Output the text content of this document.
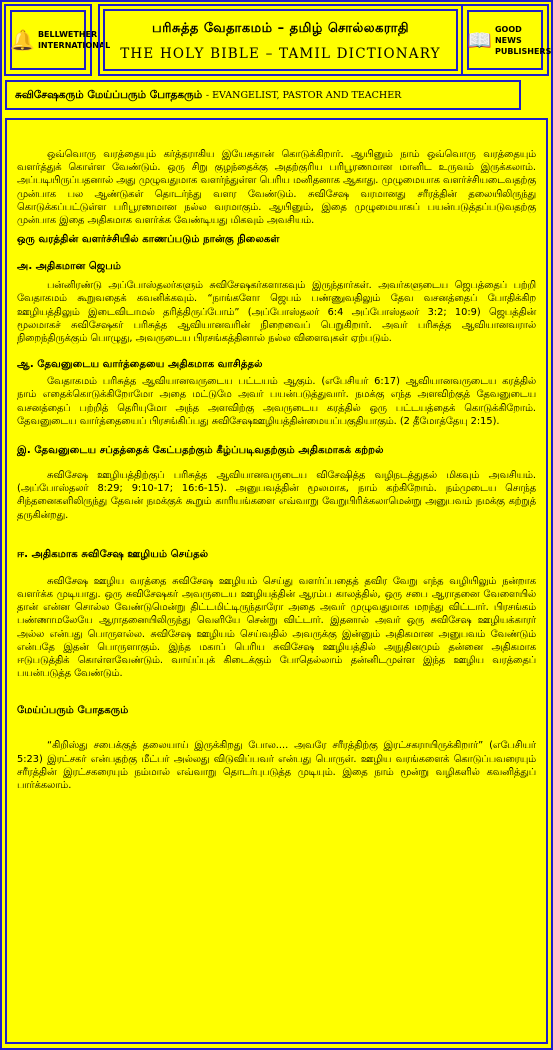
🔔 BELLWETHER INTERNATIONAL
பரிசுத்த வேதாகமம் – தமிழ் சொல்லகராதி
THE HOLY BIBLE – TAMIL DICTIONARY
📖 GOOD NEWS PUBLISHERS
சுவிசேஷகரும் மேய்ப்பரும் போதகரும் - EVANGELIST, PASTOR AND TEACHER

ஒவ்வொரு வரத்தையும் கர்த்தராகிய இயேசுதான் கொடுக்கிறார். ஆயினும் நாம் ஒவ்வொரு வரத்தையும் வளர்த்துக் கொள்ள வேண்டும். ஒரு சிறு குழந்தைக்கு அதற்குரிய பரிபூரணமான மானிட உருவம் இருக்கலாம். அப்படியிருப்பதனால் அது முழுவதுமாக வளர்ந்துள்ள பெரிய மனிதனாக ஆகாது. முழுமையாக வளர்ச்சியடைவதற்கு முன்பாக பல ஆண்டுகள் தொடர்ந்து வளர வேண்டும். சுவிசேஷ வரமானது சரீரத்தின் தலையிலிருந்து கொடுக்கப்பட்டுள்ள பரிபூரணமான நல்ல வரமாகும். ஆயினும், இதை முழுமையாகப் பயன்படுத்தப்படுவதற்கு முன்பாக இதை அதிகமாக வளர்க்க வேண்டியது மிகவும் அவசியம்.

ஒரு வரத்தின் வளர்ச்சியில் காணப்படும் நான்கு நிலைகள்

அ. அதிகமான ஜெபம்

பன்னிரண்டு அப்போஸ்தலர்களும் சுவிசேஷகர்களாகவும் இருந்தார்கள். அவர்களுடைய ஜெபத்தைப் பற்றி வேதாகமம் கூறுவதைக் கவனிக்கவும். “நாங்களோ ஜெபம் பண்ணுவதிலும் தேவ வசனத்தைப் போதிக்கிற ஊழியத்திலும் இடைவிடாமல் தரித்திருப்போம்” (அப்போஸ்தலர் 6:4 அப்போஸ்தலர் 3:2; 10:9) ஜெபத்தின் மூலமாகச் சுவிசேஷகர் பரிசுத்த ஆவியானவரின் நிறைவைப் பெறுகிறார். அவர் பரிசுத்த ஆவியானவரால் நிறைந்திருக்கும் பொழுது, அவருடைய பிரசங்கத்தினால் நல்ல விளைவுகள் ஏற்படும்.

ஆ. தேவனுடைய வார்த்தையை அதிகமாக வாசித்தல்

வேதாகமம் பரிசுத்த ஆவியானவருடைய பட்டயம் ஆகும். (எபேசியர் 6:17) ஆவியானவருடைய கரத்தில் நாம் எதைக்கொடுக்கிறோமோ அதை மட்டுமே அவர் பயன்படுத்துவார். நமக்கு எந்த அளவிற்குத் தேவனுடைய வசனத்தைப் பற்றித் தெரியுமோ அந்த அளவிற்கு அவருடைய கரத்தில் ஒரு பட்டயத்தைக் கொடுக்கிறோம். தேவனுடைய வார்த்தையைப் பிரசங்கிப்பது சுவிசேஷஊழியத்தின்மையப்பகுதியாகும். (2 தீமோத்தேயு 2:15).

இ. தேவனுடைய சப்தத்தைக் கேட்பதற்கும் கீழ்ப்படிவதற்கும் அதிகமாகக் கற்றல்

சுவிசேஷ ஊழியத்திற்குப் பரிசுத்த ஆவியானவருடைய விசேஷித்த வழிநடத்துதல் மிகவும் அவசியம். (அப்போஸ்தலர் 8:29; 9:10-17; 16:6-15). அனுபவத்தின் மூலமாக, நாம் கற்கிறோம். நம்முடைய சொந்த சிந்தனைகளிலிருந்து தேவன் நமக்குக் கூறும் காரியங்களை எவ்வாறு வேறுபிரிக்கலாமென்று அனுபவம் நமக்கு கற்றுத் தருகின்றது.

ஈ. அதிகமாக சுவிசேஷ ஊழியம் செய்தல்

சுவிசேஷ ஊழிய வரத்தை சுவிசேஷ ஊழியம் செய்து வளர்ப்பதைத் தவிர வேறு எந்த வழியிலும் நன்றாக வளர்க்க முடியாது. ஒரு சுவிசேஷகர் அவருடைய ஊழியத்தின் ஆரம்ப காலத்தில், ஒரு சபை ஆராதனை வேளையில் தான் என்ன சொல்ல வேண்டுமென்று திட்டமிட்டிருந்தாரோ அதை அவர் முழுவதுமாக மறந்து விட்டார். பிரசங்கம் பண்ணாமலேயே ஆராதனையிலிருந்து வெளியே சென்று விட்டார். இதனால் அவர் ஒரு சுவிசேஷ ஊழியக்காரர் அல்ல என்பது பொருளல்ல. சுவிசேஷ ஊழியம் செய்வதில் அவருக்கு இன்னும் அதிகமான அனுபவம் வேண்டும் என்பதே இதன் பொருளாகும். இந்த மகாப் பெரிய சுவிசேஷ ஊழியத்தில் அநுதினமும் தன்னை அதிகமாக ஈடுபடுத்திக் கொள்ளவேண்டும். வாய்ப்புக் கிடைக்கும் போதெல்லாம் தன்னிடமுள்ள இந்த ஊழிய வரத்தைப் பயன்படுத்த வேண்டும்.

மேய்ப்பரும் போதகரும்

“கிறிஸ்து சபைக்குத் தலையாய் இருக்கிறது போல.... அவரே சரீரத்திற்கு இரட்சகராயிருக்கிறார்” (எபேசியர் 5:23) இரட்சகர் என்பதற்கு மீட்பர் அல்லது விடுவிப்பவர் என்பது பொருள். ஊழிய வரங்களைக் கொடுப்பவரையும் சரீரத்தின் இரட்சகரையும் நம்மால் எவ்வாறு தொடர்புபடுத்த முடியும். இதை நாம் மூன்று வழிகளில் கவனித்துப் பார்க்கலாம்.
